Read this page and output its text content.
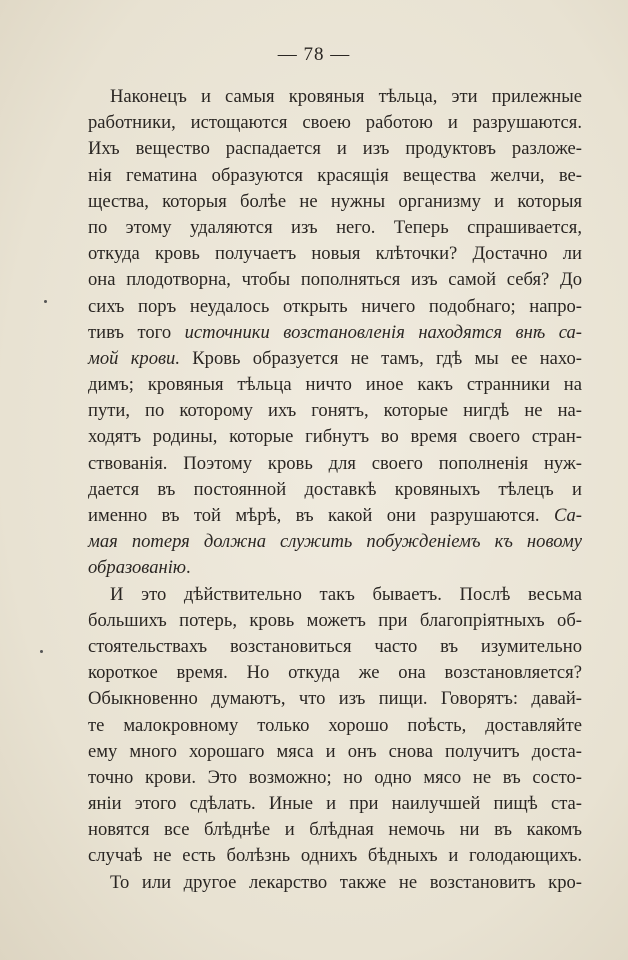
— 78 —
Наконецъ и самыя кровяныя тѣльца, эти прилежные
работники, истощаются своею работою и разрушаются.
Ихъ вещество распадается и изъ продуктовъ разложе-
нія гематина образуются красящія вещества желчи, ве-
щества, которыя болѣе не нужны организму и которыя
по этому удаляются изъ него. Теперь спрашивается,
откуда кровь получаетъ новыя клѣточки? Достачно ли
она плодотворна, чтобы пополняться изъ самой себя? До
сихъ поръ неудалось открыть ничего подобнаго; напро-
тивъ того источники возстановленія находятся внѣ са-
мой крови. Кровь образуется не тамъ, гдѣ мы ее нахо-
димъ; кровяныя тѣльца ничто иное какъ странники на
пути, по которому ихъ гонятъ, которые нигдѣ не на-
ходятъ родины, которые гибнутъ во время своего стран-
ствованія. Поэтому кровь для своего пополненія нуж-
дается въ постоянной доставкѣ кровяныхъ тѣлецъ и
именно въ той мѣрѣ, въ какой они разрушаются. Са-
мая потеря должна служить побужденіемъ къ новому
образованію.
И это дѣйствительно такъ бываетъ. Послѣ весьма
большихъ потерь, кровь можетъ при благопріятныхъ об-
стоятельствахъ возстановиться часто въ изумительно
короткое время. Но откуда же она возстановляется?
Обыкновенно думаютъ, что изъ пищи. Говорятъ: давай-
те малокровному только хорошо поѣсть, доставляйте
ему много хорошаго мяса и онъ снова получитъ доста-
точно крови. Это возможно; но одно мясо не въ состо-
яніи этого сдѣлать. Иные и при наилучшей пищѣ ста-
новятся все блѣднѣе и блѣдная немочь ни въ какомъ
случаѣ не есть болѣзнь однихъ бѣдныхъ и голодающихъ.
То или другое лекарство также не возстановитъ кро-
